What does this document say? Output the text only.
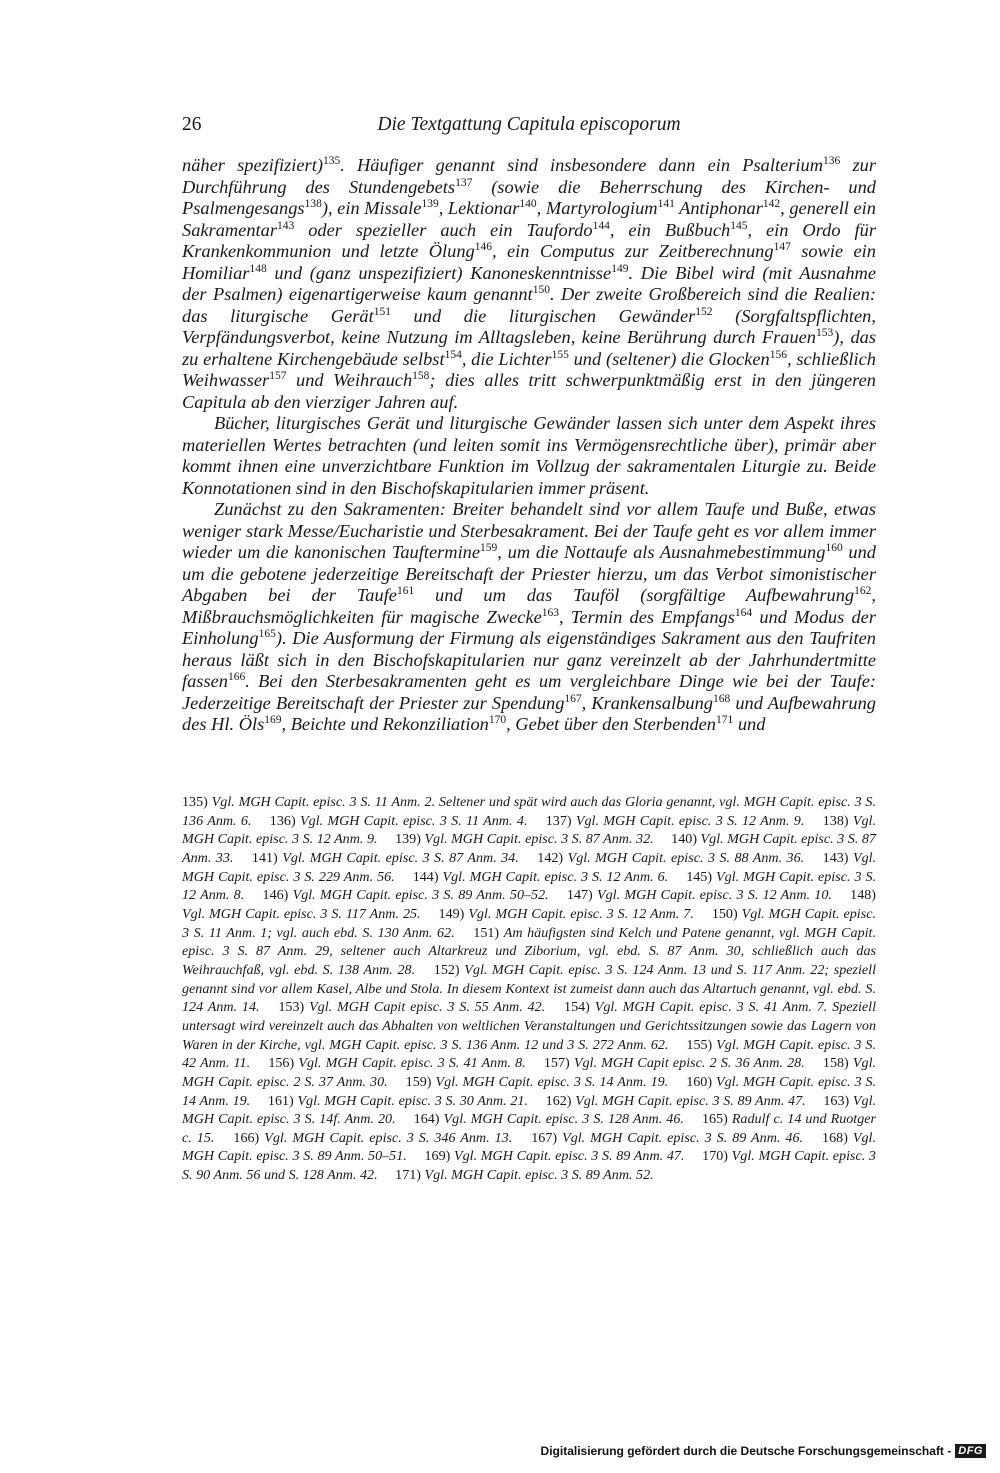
26	Die Textgattung Capitula episcoporum

näher spezifiziert)$^{135}$. Häufiger genannt sind insbesondere dann ein Psalterium$^{136}$ zur Durchführung des Stundengebets$^{137}$ (sowie die Beherrschung des Kirchen- und Psalmengesangs$^{138}$), ein Missale$^{139}$, Lektionar$^{140}$, Martyrologium$^{141}$ Antiphonar$^{142}$, generell ein Sakramentar$^{143}$ oder spezieller auch ein Taufordo$^{144}$, ein Bußbuch$^{145}$, ein Ordo für Krankenkommunion und letzte Ölung$^{146}$, ein Computus zur Zeitberechnung$^{147}$ sowie ein Homiliar$^{148}$ und (ganz unspezifiziert) Kanoneskenntnisse$^{149}$. Die Bibel wird (mit Ausnahme der Psalmen) eigenartigerweise kaum genannt$^{150}$. Der zweite Großbereich sind die Realien: das liturgische Gerät$^{151}$ und die liturgischen Gewänder$^{152}$ (Sorgfaltspflichten, Verpfändungsverbot, keine Nutzung im Alltagsleben, keine Berührung durch Frauen$^{153}$), das zu erhaltene Kirchengebäude selbst$^{154}$, die Lichter$^{155}$ und (seltener) die Glocken$^{156}$, schließlich Weihwasser$^{157}$ und Weihrauch$^{158}$; dies alles tritt schwerpunktmäßig erst in den jüngeren Capitula ab den vierziger Jahren auf.

Bücher, liturgisches Gerät und liturgische Gewänder lassen sich unter dem Aspekt ihres materiellen Wertes betrachten (und leiten somit ins Vermögensrechtliche über), primär aber kommt ihnen eine unverzichtbare Funktion im Vollzug der sakramentalen Liturgie zu. Beide Konnotationen sind in den Bischofskapitularien immer präsent.

Zunächst zu den Sakramenten: Breiter behandelt sind vor allem Taufe und Buße, etwas weniger stark Messe/Eucharistie und Sterbesakrament. Bei der Taufe geht es vor allem immer wieder um die kanonischen Tauftermine$^{159}$, um die Nottaufe als Ausnahmebestimmung$^{160}$ und um die gebotene jederzeitige Bereitschaft der Priester hierzu, um das Verbot simonistischer Abgaben bei der Taufe$^{161}$ und um das Tauföl (sorgfältige Aufbewahrung$^{162}$, Mißbrauchsmöglichkeiten für magische Zwecke$^{163}$, Termin des Empfangs$^{164}$ und Modus der Einholung$^{165}$). Die Ausformung der Firmung als eigenständiges Sakrament aus den Taufriten heraus läßt sich in den Bischofskapitularien nur ganz vereinzelt ab der Jahrhundertmitte fassen$^{166}$. Bei den Sterbesakramenten geht es um vergleichbare Dinge wie bei der Taufe: Jederzeitige Bereitschaft der Priester zur Spendung$^{167}$, Krankensalbung$^{168}$ und Aufbewahrung des Hl. Öls$^{169}$, Beichte und Rekonziliation$^{170}$, Gebet über den Sterbenden$^{171}$ und

135) Vgl. MGH Capit. episc. 3 S. 11 Anm. 2. Seltener und spät wird auch das Gloria genannt, vgl. MGH Capit. episc. 3 S. 136 Anm. 6. 136) Vgl. MGH Capit. episc. 3 S. 11 Anm. 4. 137) Vgl. MGH Capit. episc. 3 S. 12 Anm. 9. 138) Vgl. MGH Capit. episc. 3 S. 12 Anm. 9. 139) Vgl. MGH Capit. episc. 3 S. 87 Anm. 32. 140) Vgl. MGH Capit. episc. 3 S. 87 Anm. 33. 141) Vgl. MGH Capit. episc. 3 S. 87 Anm. 34. 142) Vgl. MGH Capit. episc. 3 S. 88 Anm. 36. 143) Vgl. MGH Capit. episc. 3 S. 229 Anm. 56. 144) Vgl. MGH Capit. episc. 3 S. 12 Anm. 6. 145) Vgl. MGH Capit. episc. 3 S. 12 Anm. 8. 146) Vgl. MGH Capit. episc. 3 S. 89 Anm. 50–52. 147) Vgl. MGH Capit. episc. 3 S. 12 Anm. 10. 148) Vgl. MGH Capit. episc. 3 S. 117 Anm. 25. 149) Vgl. MGH Capit. episc. 3 S. 12 Anm. 7. 150) Vgl. MGH Capit. episc. 3 S. 11 Anm. 1; vgl. auch ebd. S. 130 Anm. 62. 151) Am häufigsten sind Kelch und Patene genannt, vgl. MGH Capit. episc. 3 S. 87 Anm. 29, seltener auch Altarkreuz und Ziborium, vgl. ebd. S. 87 Anm. 30, schließlich auch das Weihrauchfaß, vgl. ebd. S. 138 Anm. 28. 152) Vgl. MGH Capit. episc. 3 S. 124 Anm. 13 und S. 117 Anm. 22; speziell genannt sind vor allem Kasel, Albe und Stola. In diesem Kontext ist zumeist dann auch das Altartuch genannt, vgl. ebd. S. 124 Anm. 14. 153) Vgl. MGH Capit episc. 3 S. 55 Anm. 42. 154) Vgl. MGH Capit. episc. 3 S. 41 Anm. 7. Speziell untersagt wird vereinzelt auch das Abhalten von weltlichen Veranstaltungen und Gerichtssitzungen sowie das Lagern von Waren in der Kirche, vgl. MGH Capit. episc. 3 S. 136 Anm. 12 und 3 S. 272 Anm. 62. 155) Vgl. MGH Capit. episc. 3 S. 42 Anm. 11. 156) Vgl. MGH Capit. episc. 3 S. 41 Anm. 8. 157) Vgl. MGH Capit episc. 2 S. 36 Anm. 28. 158) Vgl. MGH Capit. episc. 2 S. 37 Anm. 30. 159) Vgl. MGH Capit. episc. 3 S. 14 Anm. 19. 160) Vgl. MGH Capit. episc. 3 S. 14 Anm. 19. 161) Vgl. MGH Capit. episc. 3 S. 30 Anm. 21. 162) Vgl. MGH Capit. episc. 3 S. 89 Anm. 47. 163) Vgl. MGH Capit. episc. 3 S. 14f. Anm. 20. 164) Vgl. MGH Capit. episc. 3 S. 128 Anm. 46. 165) Radulf c. 14 und Ruotger c. 15. 166) Vgl. MGH Capit. episc. 3 S. 346 Anm. 13. 167) Vgl. MGH Capit. episc. 3 S. 89 Anm. 46. 168) Vgl. MGH Capit. episc. 3 S. 89 Anm. 50–51. 169) Vgl. MGH Capit. episc. 3 S. 89 Anm. 47. 170) Vgl. MGH Capit. episc. 3 S. 90 Anm. 56 und S. 128 Anm. 42. 171) Vgl. MGH Capit. episc. 3 S. 89 Anm. 52.
Digitalisierung gefördert durch die Deutsche Forschungsgemeinschaft - DFG
